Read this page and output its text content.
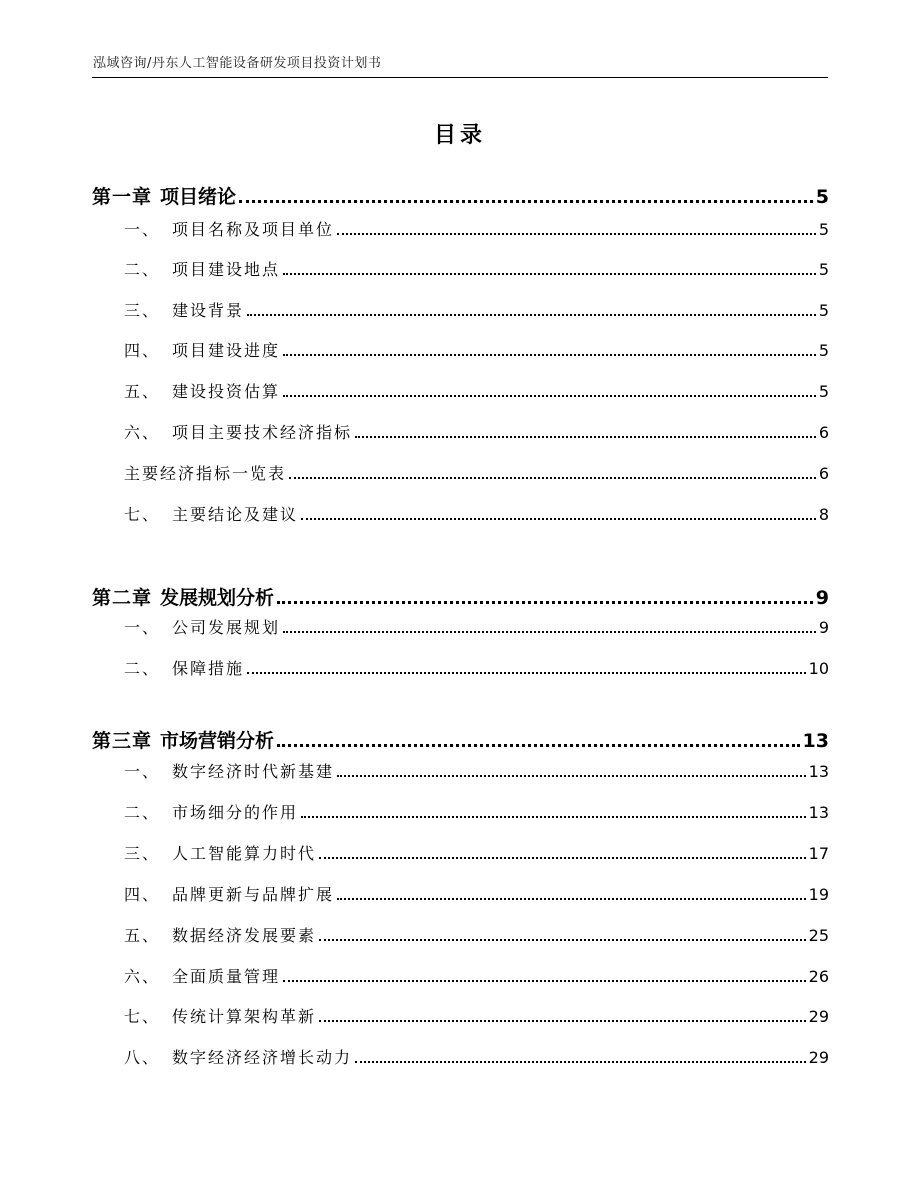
泓域咨询/丹东人工智能设备研发项目投资计划书
目录
第一章 项目绪论	5
一、 项目名称及项目单位	5
二、 项目建设地点	5
三、 建设背景	5
四、 项目建设进度	5
五、 建设投资估算	5
六、 项目主要技术经济指标	6
主要经济指标一览表	6
七、 主要结论及建议	8
第二章 发展规划分析	9
一、 公司发展规划	9
二、 保障措施	10
第三章 市场营销分析	13
一、 数字经济时代新基建	13
二、 市场细分的作用	13
三、 人工智能算力时代	17
四、 品牌更新与品牌扩展	19
五、 数据经济发展要素	25
六、 全面质量管理	26
七、 传统计算架构革新	29
八、 数字经济经济增长动力	29
